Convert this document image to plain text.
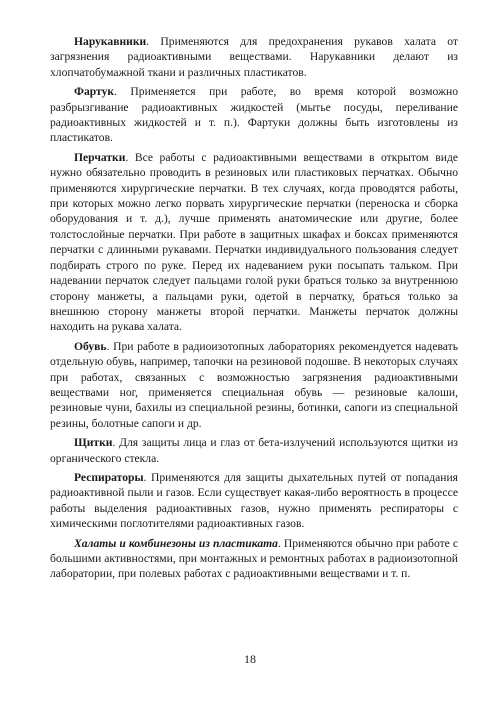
Нарукавники. Применяются для предохранения рукавов халата от загрязнения радиоактивными веществами. Нарукавники делают из хлопчатобумажной ткани и различных пластикатов.

Фартук. Применяется при работе, во время которой возможно разбрызгивание радиоактивных жидкостей (мытье посуды, переливание радиоактивных жидкостей и т. п.). Фартуки должны быть изготовлены из пластикатов.

Перчатки. Все работы с радиоактивными веществами в открытом виде нужно обязательно проводить в резиновых или пластиковых перчатках. Обычно применяются хирургические перчатки. В тех случаях, когда проводятся работы, при которых можно легко порвать хирургические перчатки (переноска и сборка оборудования и т. д.), лучше применять анатомические или другие, более толстослойные перчатки. При работе в защитных шкафах и боксах применяются перчатки с длинными рукавами. Перчатки индивидуального пользования следует подбирать строго по руке. Перед их надеванием руки посыпать тальком. При надевании перчаток следует пальцами голой руки браться только за внутреннюю сторону манжеты, а пальцами руки, одетой в перчатку, браться только за внешнюю сторону манжеты второй перчатки. Манжеты перчаток должны находить на рукава халата.

Обувь. При работе в радиоизотопных лабораториях рекомендуется надевать отдельную обувь, например, тапочки на резиновой подошве. В некоторых случаях при работах, связанных с возможностью загрязнения радиоактивными веществами ног, применяется специальная обувь — резиновые калоши, резиновые чуни, бахилы из специальной резины, ботинки, сапоги из специальной резины, болотные сапоги и др.

Щитки. Для защиты лица и глаз от бета-излучений используются щитки из органического стекла.

Респираторы. Применяются для защиты дыхательных путей от попадания радиоактивной пыли и газов. Если существует какая-либо вероятность в процессе работы выделения радиоактивных газов, нужно применять респираторы с химическими поглотителями радиоактивных газов.

Халаты и комбинезоны из пластиката. Применяются обычно при работе с большими активностями, при монтажных и ремонтных работах в радиоизотопной лаборатории, при полевых работах с радиоактивными веществами и т. п.

18
